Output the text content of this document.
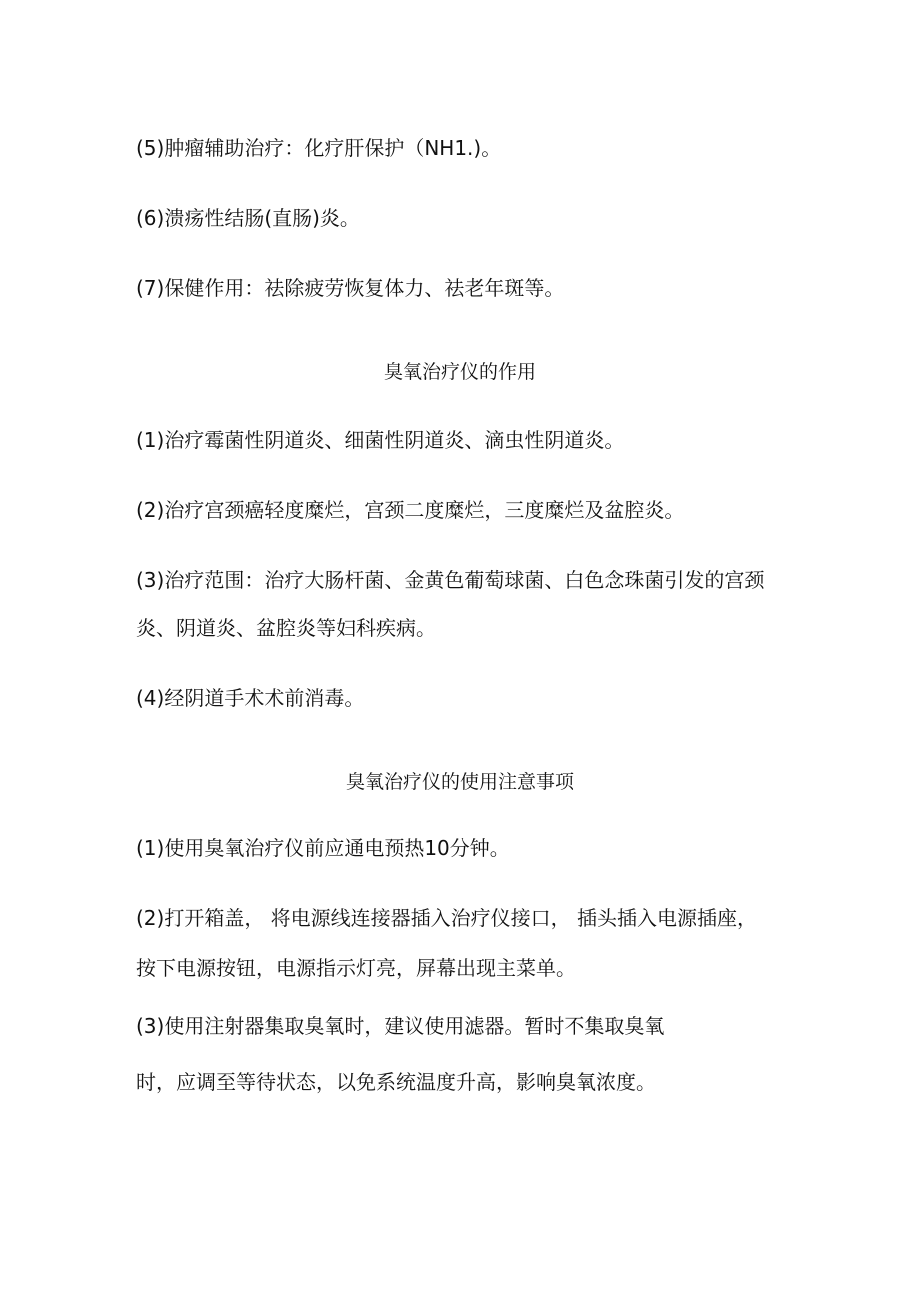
(5)肿瘤辅助治疗：化疗肝保护（NH1.)。
(6)溃疡性结肠(直肠)炎。
(7)保健作用：祛除疲劳恢复体力、祛老年斑等。
臭氧治疗仪的作用
(1)治疗霉菌性阴道炎、细菌性阴道炎、滴虫性阴道炎。
(2)治疗宫颈癌轻度糜烂，宫颈二度糜烂，三度糜烂及盆腔炎。
(3)治疗范围：治疗大肠杆菌、金黄色葡萄球菌、白色念珠菌引发的宫颈
炎、阴道炎、盆腔炎等妇科疾病。
(4)经阴道手术术前消毒。
臭氧治疗仪的使用注意事项
(1)使用臭氧治疗仪前应通电预热10分钟。
(2)打开箱盖， 将电源线连接器插入治疗仪接口， 插头插入电源插座，
按下电源按钮，电源指示灯亮，屏幕出现主菜单。
(3)使用注射器集取臭氧时，建议使用滤器。暂时不集取臭氧
时，应调至等待状态，以免系统温度升高，影响臭氧浓度。
